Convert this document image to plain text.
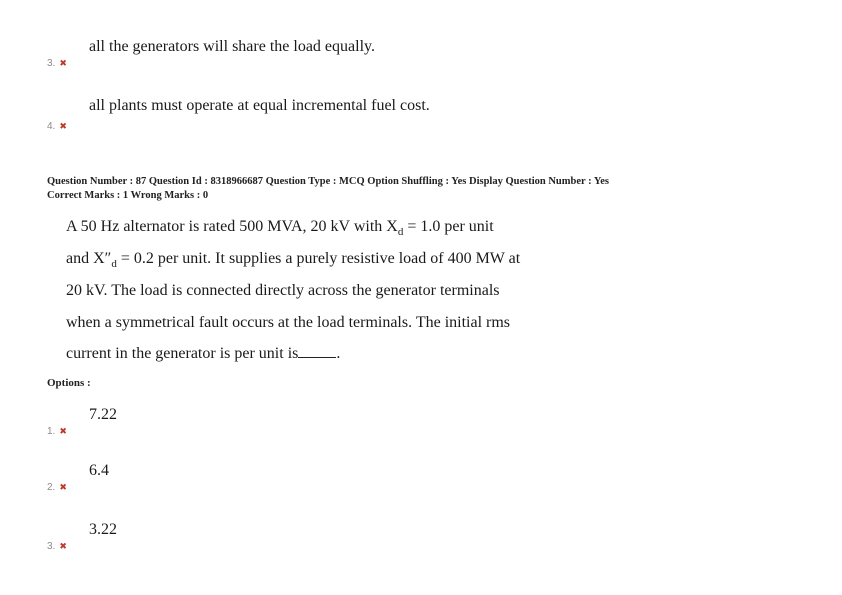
all the generators will share the load equally.
3. ✖
all plants must operate at equal incremental fuel cost.
4. ✖
Question Number : 87 Question Id : 8318966687 Question Type : MCQ Option Shuffling : Yes Display Question Number : Yes
Correct Marks : 1 Wrong Marks : 0
A 50 Hz alternator is rated 500 MVA, 20 kV with $X_d = 1.0$ per unit
and $X''_d = 0.2$ per unit. It supplies a purely resistive load of 400 MW at
20 kV. The load is connected directly across the generator terminals
when a symmetrical fault occurs at the load terminals. The initial rms
current in the generator is per unit is .
Options :
7.22
1. ✖
6.4
2. ✖
3.22
3. ✖
